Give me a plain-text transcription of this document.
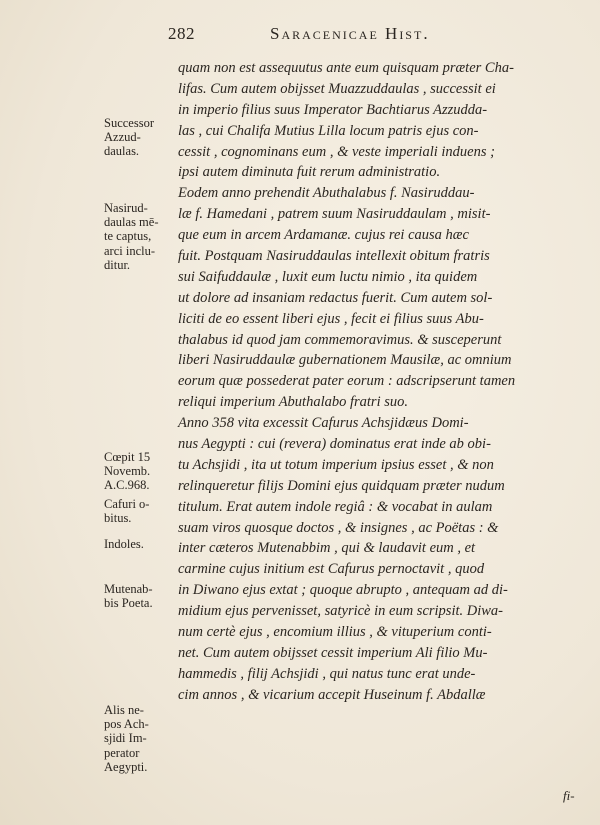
282	Saracenicae Hist.
quam non est assequutus ante eum quisquam præter Cha-
lifas. Cum autem obijsset Muazzuddaulas , successit ei
in imperio filius suus Imperator Bachtiarus Azzudda-
las , cui Chalifa Mutius Lilla locum patris ejus con-
cessit , cognominans eum , & veste imperiali induens ;
ipsi autem diminuta fuit rerum administratio.
Eodem anno prehendit Abuthalabus f. Nasiruddau-
læ f. Hamedani , patrem suum Nasiruddaulam , misit-
que eum in arcem Ardamanæ. cujus rei causa hæc
fuit. Postquam Nasiruddaulas intellexit obitum fratris
sui Saifuddaulæ , luxit eum luctu nimio , ita quidem
ut dolore ad insaniam redactus fuerit. Cum autem sol-
liciti de eo essent liberi ejus , fecit ei filius suus Abu-
thalabus id quod jam commemoravimus. & susceperunt
liberi Nasiruddaulæ gubernationem Mausilæ, ac omnium
eorum quæ possederat pater eorum : adscripserunt tamen
reliqui imperium Abuthalabo fratri suo.
Anno 358 vita excessit Cafurus Achsjidæus Domi-
nus Aegypti : cui (revera) dominatus erat inde ab obi-
tu Achsjidi , ita ut totum imperium ipsius esset , & non
relinqueretur filijs Domini ejus quidquam præter nudum
titulum. Erat autem indole regiâ : & vocabat in aulam
suam viros quosque doctos , & insignes , ac Poëtas : &
inter cæteros Mutenabbim , qui & laudavit eum , et
carmine cujus initium est Cafurus pernoctavit , quod
in Diwano ejus extat ; quoque abrupto , antequam ad di-
midium ejus pervenisset, satyricè in eum scripsit. Diwa-
num certè ejus , encomium illius , & vituperium conti-
net. Cum autem obijsset cessit imperium Ali filio Mu-
hammedis , filij Achsjidi , qui natus tunc erat unde-
cim annos , & vicarium accepit Huseinum f. Abdallæ
fi-
Successor
Azzud-
daulas.
Nasirud-
daulas mē-
te captus,
arci inclu-
ditur.
Cœpit 15
Novemb.
A.C.968.
Cafuri o-
bitus.
Indoles.
Mutenab-
bis Poeta.
Alis ne-
pos Ach-
sjidi Im-
perator
Aegypti.
